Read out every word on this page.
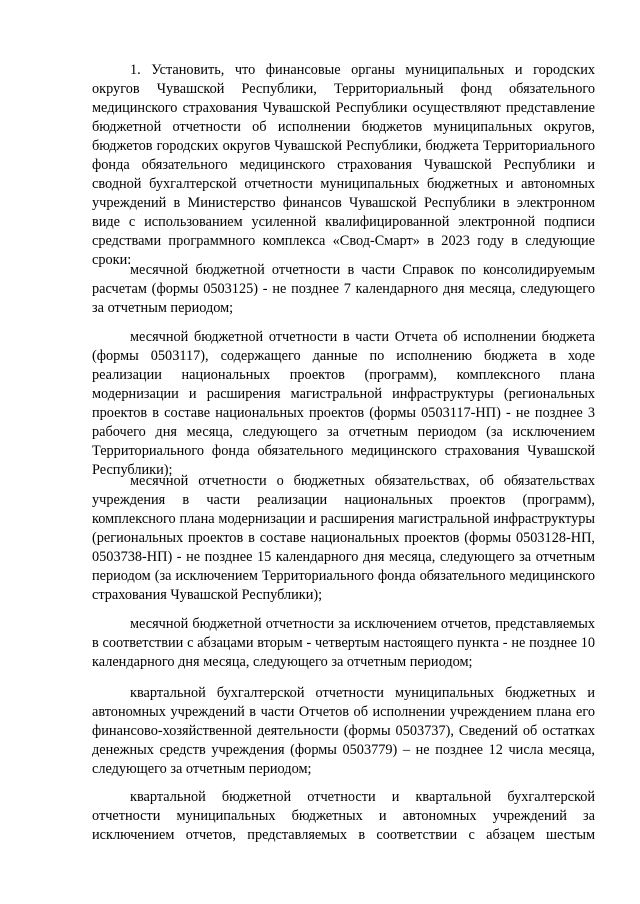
1. Установить, что финансовые органы муниципальных и городских округов Чувашской Республики, Территориальный фонд обязательного медицинского страхования Чувашской Республики осуществляют представление бюджетной отчетности об исполнении бюджетов муниципальных округов, бюджетов городских округов Чувашской Республики, бюджета Территориального фонда обязательного медицинского страхования Чувашской Республики и сводной бухгалтерской отчетности муниципальных бюджетных и автономных учреждений в Министерство финансов Чувашской Республики в электронном виде с использованием усиленной квалифицированной электронной подписи средствами программного комплекса «Свод-Смарт» в 2023 году в следующие сроки:

месячной бюджетной отчетности в части Справок по консолидируемым расчетам (формы 0503125) - не позднее 7 календарного дня месяца, следующего за отчетным периодом;

месячной бюджетной отчетности в части Отчета об исполнении бюджета (формы 0503117), содержащего данные по исполнению бюджета в ходе реализации национальных проектов (программ), комплексного плана модернизации и расширения магистральной инфраструктуры (региональных проектов в составе национальных проектов (формы 0503117-НП) - не позднее 3 рабочего дня месяца, следующего за отчетным периодом (за исключением Территориального фонда обязательного медицинского страхования Чувашской Республики);

месячной отчетности о бюджетных обязательствах, об обязательствах учреждения в части реализации национальных проектов (программ), комплексного плана модернизации и расширения магистральной инфраструктуры (региональных проектов в составе национальных проектов (формы 0503128-НП, 0503738-НП) - не позднее 15 календарного дня месяца, следующего за отчетным периодом (за исключением Территориального фонда обязательного медицинского страхования Чувашской Республики);

месячной бюджетной отчетности за исключением отчетов, представляемых в соответствии с абзацами вторым - четвертым настоящего пункта - не позднее 10 календарного дня месяца, следующего за отчетным периодом;

квартальной бухгалтерской отчетности муниципальных бюджетных и автономных учреждений в части Отчетов об исполнении учреждением плана его финансово-хозяйственной деятельности (формы 0503737), Сведений об остатках денежных средств учреждения (формы 0503779) – не позднее 12 числа месяца, следующего за отчетным периодом;

квартальной бюджетной отчетности и квартальной бухгалтерской
отчетности муниципальных бюджетных и автономных учреждений за
исключением отчетов, представляемых в соответствии с абзацем шестым
